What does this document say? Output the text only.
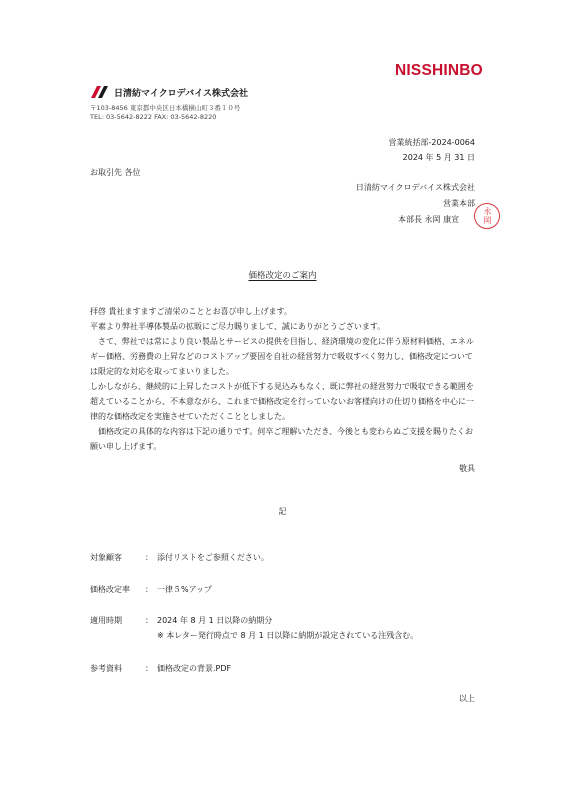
NISSHINBO
日清紡マイクロデバイス株式会社
〒103-8456 東京都中央区日本橋横山町３番１０号
TEL: 03-5642-8222 FAX: 03-5642-8220
営業統括部-2024-0064
2024 年 5 月 31 日
お取引先 各位
日清紡マイクロデバイス株式会社
営業本部
本部長 永岡 康宣	永岡
価格改定のご案内

拝啓 貴社ますますご清栄のこととお喜び申し上げます。

平素より弊社半導体製品の拡販にご尽力賜りまして、誠にありがとうございます。

さて、弊社では常により良い製品とサービスの提供を目指し、経済環境の変化に伴う原材料価格、エネルギー価格、労務費の上昇などのコストアップ要因を自社の経営努力で吸収すべく努力し、価格改定については限定的な対応を取ってまいりました。

しかしながら、継続的に上昇したコストが低下する見込みもなく、既に弊社の経営努力で吸収できる範囲を超えていることから、不本意ながら、これまで価格改定を行っていないお客様向けの仕切り価格を中心に一律的な価格改定を実施させていただくこととしました。

価格改定の具体的な内容は下記の通りです。何卒ご理解いただき、今後とも変わらぬご支援を賜りたくお願い申し上げます。

敬具
記
対象顧客	： 添付リストをご参照ください。
価格改定率 ： 一律５%アップ
適用時期	： 2024 年 8 月 1 日以降の納期分
※ 本レター発行時点で 8 月 1 日以降に納期が設定されている注残含む。
参考資料	： 価格改定の背景.PDF
以上
